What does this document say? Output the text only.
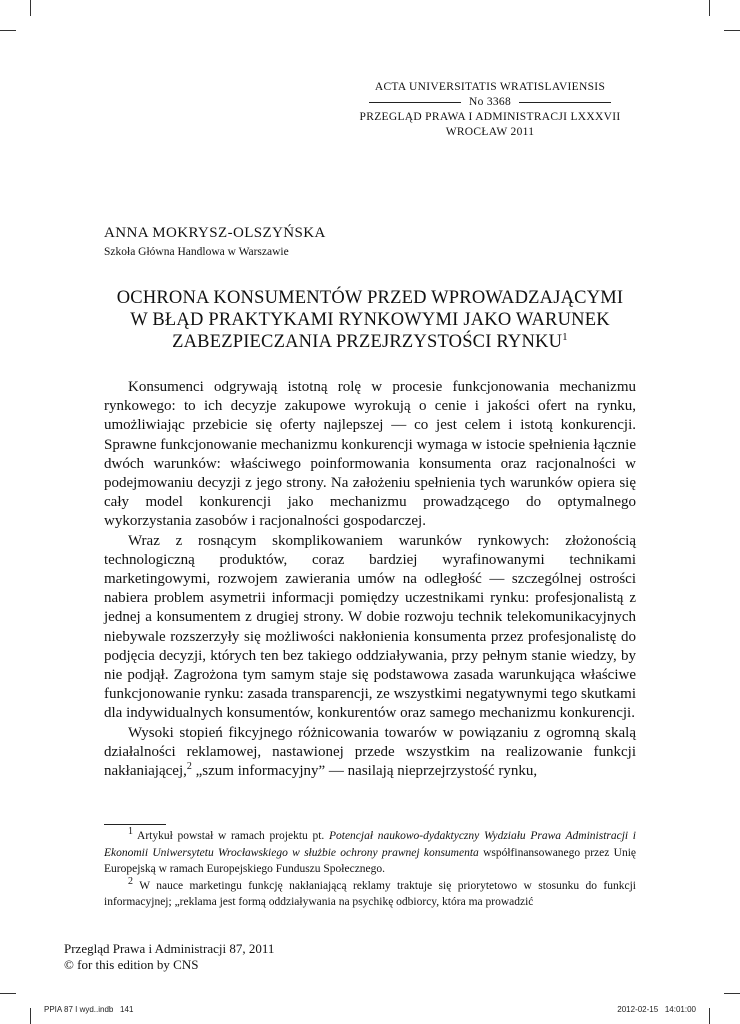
ACTA UNIVERSITATIS WRATISLAVIENSIS
No 3368
PRZEGLĄD PRAWA I ADMINISTRACJI LXXXVII
WROCŁAW 2011
ANNA MOKRYSZ-OLSZYŃSKA
Szkoła Główna Handlowa w Warszawie
OCHRONA KONSUMENTÓW PRZED WPROWADZAJĄCYMI
W BŁĄD PRAKTYKAMI RYNKOWYMI JAKO WARUNEK
ZABEZPIECZANIA PRZEJRZYSTOŚCI RYNKU$^1$

Konsumenci odgrywają istotną rolę w procesie funkcjonowania mechanizmu rynkowego: to ich decyzje zakupowe wyrokują o cenie i jakości ofert na rynku, umożliwiając przebicie się oferty najlepszej — co jest celem i istotą konkurencji. Sprawne funkcjonowanie mechanizmu konkurencji wymaga w istocie spełnienia łącznie dwóch warunków: właściwego poinformowania konsumenta oraz racjonalności w podejmowaniu decyzji z jego strony. Na założeniu spełnienia tych warunków opiera się cały model konkurencji jako mechanizmu prowadzącego do optymalnego wykorzystania zasobów i racjonalności gospodarczej.

Wraz z rosnącym skomplikowaniem warunków rynkowych: złożonością technologiczną produktów, coraz bardziej wyrafinowanymi technikami marketingowymi, rozwojem zawierania umów na odległość — szczególnej ostrości nabiera problem asymetrii informacji pomiędzy uczestnikami rynku: profesjonalistą z jednej a konsumentem z drugiej strony. W dobie rozwoju technik telekomunikacyjnych niebywale rozszerzyły się możliwości nakłonienia konsumenta przez profesjonalistę do podjęcia decyzji, których ten bez takiego oddziaływania, przy pełnym stanie wiedzy, by nie podjął. Zagrożona tym samym staje się podstawowa zasada warunkująca właściwe funkcjonowanie rynku: zasada transparencji, ze wszystkimi negatywnymi tego skutkami dla indywidualnych konsumentów, konkurentów oraz samego mechanizmu konkurencji.

Wysoki stopień fikcyjnego różnicowania towarów w powiązaniu z ogromną skalą działalności reklamowej, nastawionej przede wszystkim na realizowanie funkcji nakłaniającej,$^2$ „szum informacyjny” — nasilają nieprzejrzystość rynku,

$^1$ Artykuł powstał w ramach projektu pt. Potencjał naukowo-dydaktyczny Wydziału Prawa Administracji i Ekonomii Uniwersytetu Wrocławskiego w służbie ochrony prawnej konsumenta współfinansowanego przez Unię Europejską w ramach Europejskiego Funduszu Społecznego.

$^2$ W nauce marketingu funkcję nakłaniającą reklamy traktuje się priorytetowo w stosunku do funkcji informacyjnej; „reklama jest formą oddziaływania na psychikę odbiorcy, która ma prowadzić

Przegląd Prawa i Administracji 87, 2011
© for this edition by CNS
PPIA 87 I wyd..indb   141	2012-02-15   14:01:00
